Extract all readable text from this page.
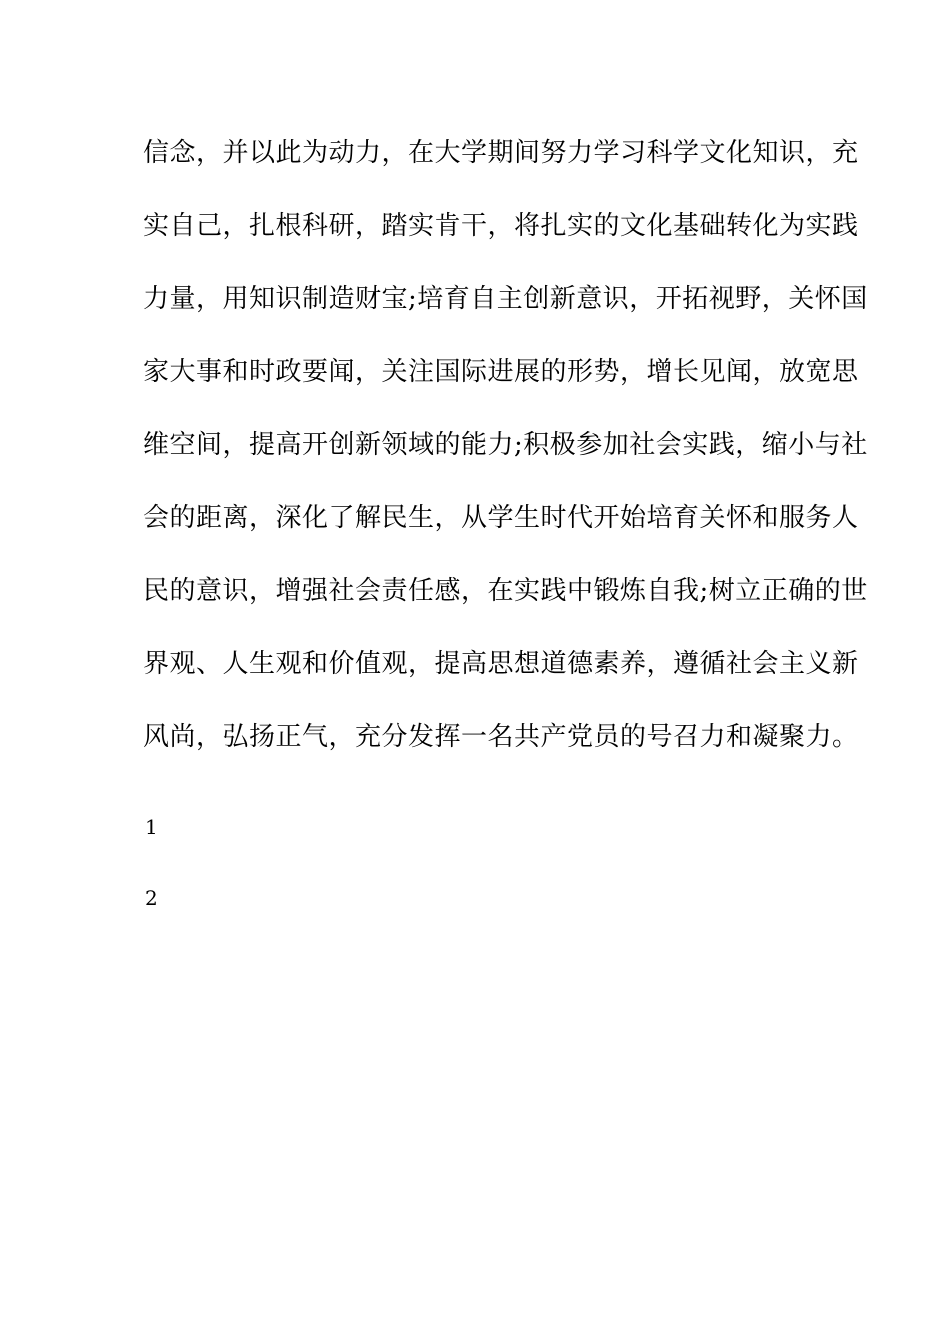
信念，并以此为动力，在大学期间努力学习科学文化知识，充
实自己，扎根科研，踏实肯干，将扎实的文化基础转化为实践
力量，用知识制造财宝;培育自主创新意识，开拓视野，关怀国
家大事和时政要闻，关注国际进展的形势，增长见闻，放宽思
维空间，提高开创新领域的能力;积极参加社会实践，缩小与社
会的距离，深化了解民生，从学生时代开始培育关怀和服务人
民的意识，增强社会责任感，在实践中锻炼自我;树立正确的世
界观、人生观和价值观，提高思想道德素养，遵循社会主义新
风尚，弘扬正气，充分发挥一名共产党员的号召力和凝聚力。
1
2
